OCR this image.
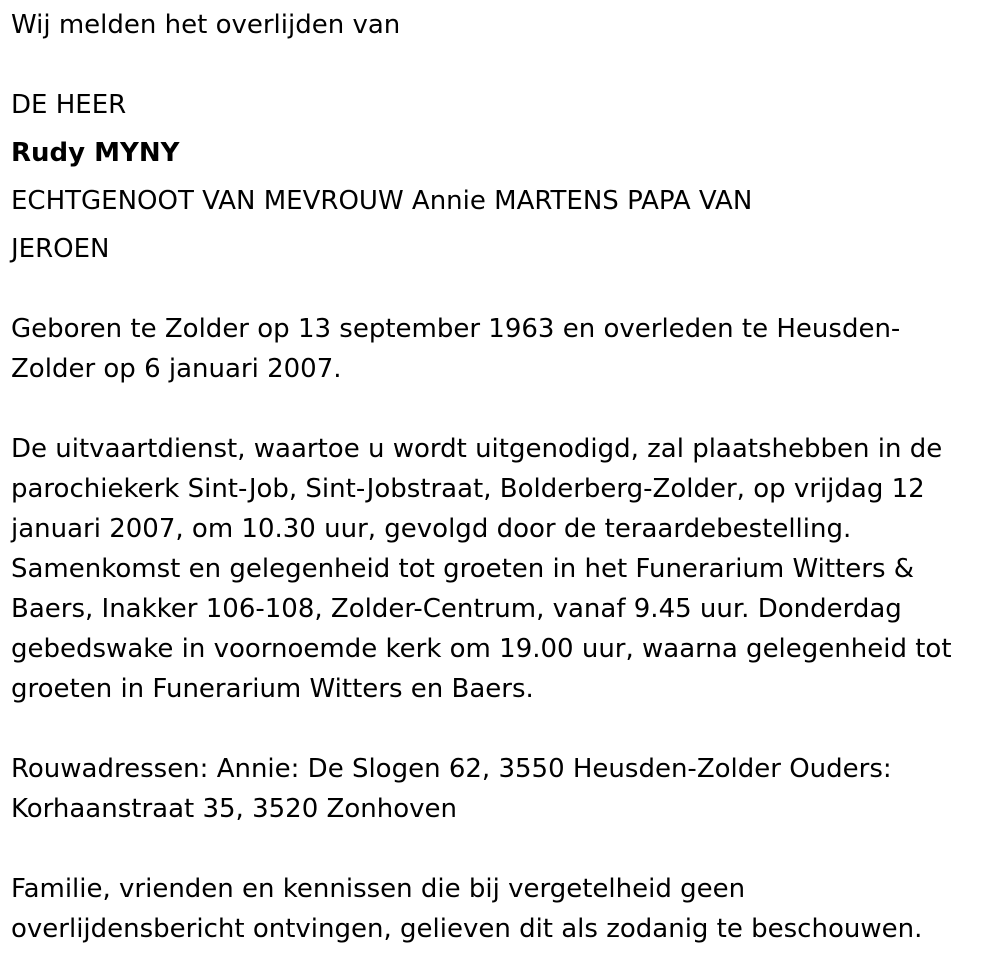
Wij melden het overlijden van

DE HEER

Rudy MYNY

ECHTGENOOT VAN MEVROUW Annie MARTENS PAPA VAN

JEROEN

Geboren te Zolder op 13 september 1963 en overleden te Heusden-

Zolder op 6 januari 2007.

De uitvaartdienst, waartoe u wordt uitgenodigd, zal plaatshebben in de

parochiekerk Sint-Job, Sint-Jobstraat, Bolderberg-Zolder, op vrijdag 12

januari 2007, om 10.30 uur, gevolgd door de teraardebestelling.

Samenkomst en gelegenheid tot groeten in het Funerarium Witters &

Baers, Inakker 106-108, Zolder-Centrum, vanaf 9.45 uur. Donderdag

gebedswake in voornoemde kerk om 19.00 uur, waarna gelegenheid tot

groeten in Funerarium Witters en Baers.

Rouwadressen: Annie: De Slogen 62, 3550 Heusden-Zolder Ouders:

Korhaanstraat 35, 3520 Zonhoven

Familie, vrienden en kennissen die bij vergetelheid geen

overlijdensbericht ontvingen, gelieven dit als zodanig te beschouwen.
